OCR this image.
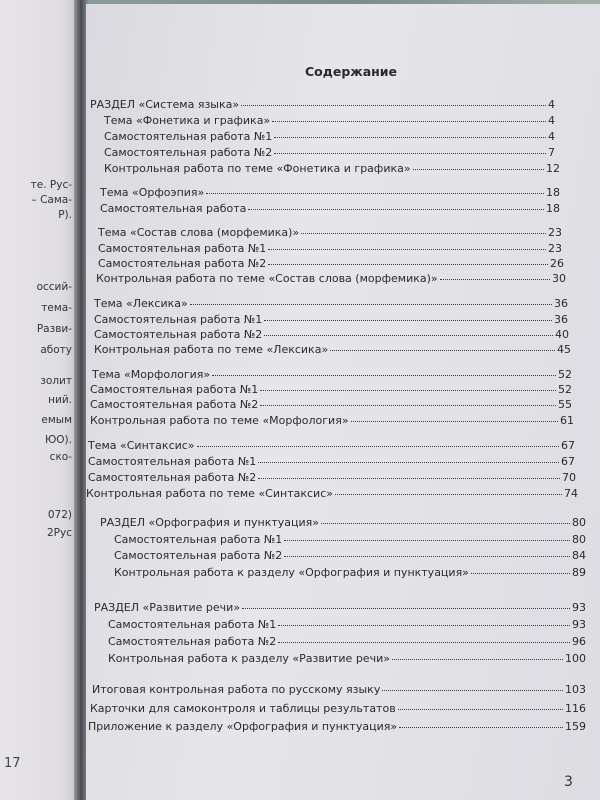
те. Рус-
– Сама-
Р).
оссий-
тема-
Разви-
аботу
золит
ний.
емым
ЮО).
ско-
072)
2Рус
17
Содержание
РАЗДЕЛ «Система языка»	4
Тема «Фонетика и графика»	4
Самостоятельная работа №1	4
Самостоятельная работа №2	7
Контрольная работа по теме «Фонетика и графика»	12
Тема «Орфоэпия»	18
Самостоятельная работа	18
Тема «Состав слова (морфемика)»	23
Самостоятельная работа №1	23
Самостоятельная работа №2	26
Контрольная работа по теме «Состав слова (морфемика)»	30
Тема «Лексика»	36
Самостоятельная работа №1	36
Самостоятельная работа №2	40
Контрольная работа по теме «Лексика»	45
Тема «Морфология»	52
Самостоятельная работа №1	52
Самостоятельная работа №2	55
Контрольная работа по теме «Морфология»	61
Тема «Синтаксис»	67
Самостоятельная работа №1	67
Самостоятельная работа №2	70
Контрольная работа по теме «Синтаксис»	74
РАЗДЕЛ «Орфография и пунктуация»	80
Самостоятельная работа №1	80
Самостоятельная работа №2	84
Контрольная работа к разделу «Орфография и пунктуация»	89
РАЗДЕЛ «Развитие речи»	93
Самостоятельная работа №1	93
Самостоятельная работа №2	96
Контрольная работа к разделу «Развитие речи»	100
Итоговая контрольная работа по русскому языку	103
Карточки для самоконтроля и таблицы результатов	116
Приложение к разделу «Орфография и пунктуация»	159
3
